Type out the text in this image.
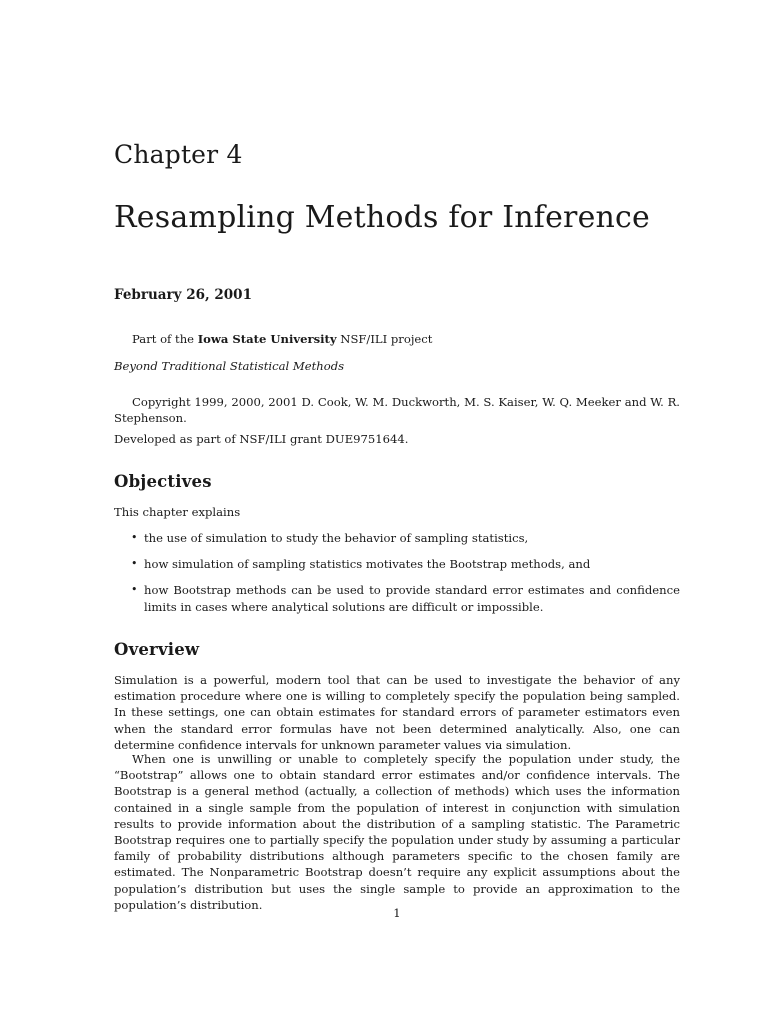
Chapter 4
Resampling Methods for Inference

February 26, 2001

Part of the Iowa State University NSF/ILI project

Beyond Traditional Statistical Methods

Copyright 1999, 2000, 2001 D. Cook, W. M. Duckworth, M. S. Kaiser, W. Q. Meeker and W. R. Stephenson.

Developed as part of NSF/ILI grant DUE9751644.

Objectives

This chapter explains

• the use of simulation to study the behavior of sampling statistics,
• how simulation of sampling statistics motivates the Bootstrap methods, and
• how Bootstrap methods can be used to provide standard error estimates and confidence limits in cases where analytical solutions are difficult or impossible.
Overview

Simulation is a powerful, modern tool that can be used to investigate the behavior of any estimation procedure where one is willing to completely specify the population being sampled. In these settings, one can obtain estimates for standard errors of parameter estimators even when the standard error formulas have not been determined analytically. Also, one can determine confidence intervals for unknown parameter values via simulation.

When one is unwilling or unable to completely specify the population under study, the “Bootstrap” allows one to obtain standard error estimates and/or confidence intervals. The Bootstrap is a general method (actually, a collection of methods) which uses the information contained in a single sample from the population of interest in conjunction with simulation results to provide information about the distribution of a sampling statistic. The Parametric Bootstrap requires one to partially specify the population under study by assuming a particular family of probability distributions although parameters specific to the chosen family are estimated. The Nonparametric Bootstrap doesn’t require any explicit assumptions about the population’s distribution but uses the single sample to provide an approximation to the population’s distribution.

1
